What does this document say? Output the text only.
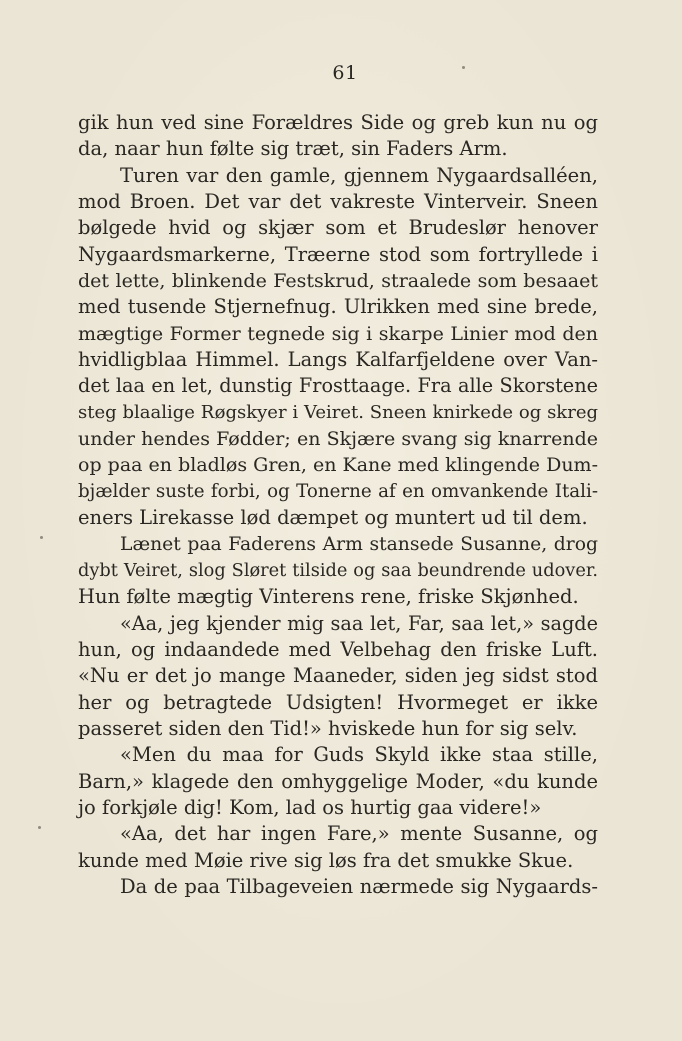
61
gik hun ved sine Forældres Side og greb kun nu og
da, naar hun følte sig træt, sin Faders Arm.
Turen var den gamle, gjennem Nygaardsalléen,
mod Broen. Det var det vakreste Vinterveir. Sneen
bølgede hvid og skjær som et Brudeslør henover
Nygaardsmarkerne, Træerne stod som fortryllede i
det lette, blinkende Festskrud, straalede som besaaet
med tusende Stjernefnug. Ulrikken med sine brede,
mægtige Former tegnede sig i skarpe Linier mod den
hvidligblaa Himmel. Langs Kalfarfjeldene over Van-
det laa en let, dunstig Frosttaage. Fra alle Skorstene
steg blaalige Røgskyer i Veiret. Sneen knirkede og skreg
under hendes Fødder; en Skjære svang sig knarrende
op paa en bladløs Gren, en Kane med klingende Dum-
bjælder suste forbi, og Tonerne af en omvankende Itali-
eners Lirekasse lød dæmpet og muntert ud til dem.
Lænet paa Faderens Arm stansede Susanne, drog
dybt Veiret, slog Sløret tilside og saa beundrende udover.
Hun følte mægtig Vinterens rene, friske Skjønhed.
«Aa, jeg kjender mig saa let, Far, saa let,» sagde
hun, og indaandede med Velbehag den friske Luft.
«Nu er det jo mange Maaneder, siden jeg sidst stod
her og betragtede Udsigten! Hvormeget er ikke
passeret siden den Tid!» hviskede hun for sig selv.
«Men du maa for Guds Skyld ikke staa stille,
Barn,» klagede den omhyggelige Moder, «du kunde
jo forkjøle dig! Kom, lad os hurtig gaa videre!»
«Aa, det har ingen Fare,» mente Susanne, og
kunde med Møie rive sig løs fra det smukke Skue.
Da de paa Tilbageveien nærmede sig Nygaards-
